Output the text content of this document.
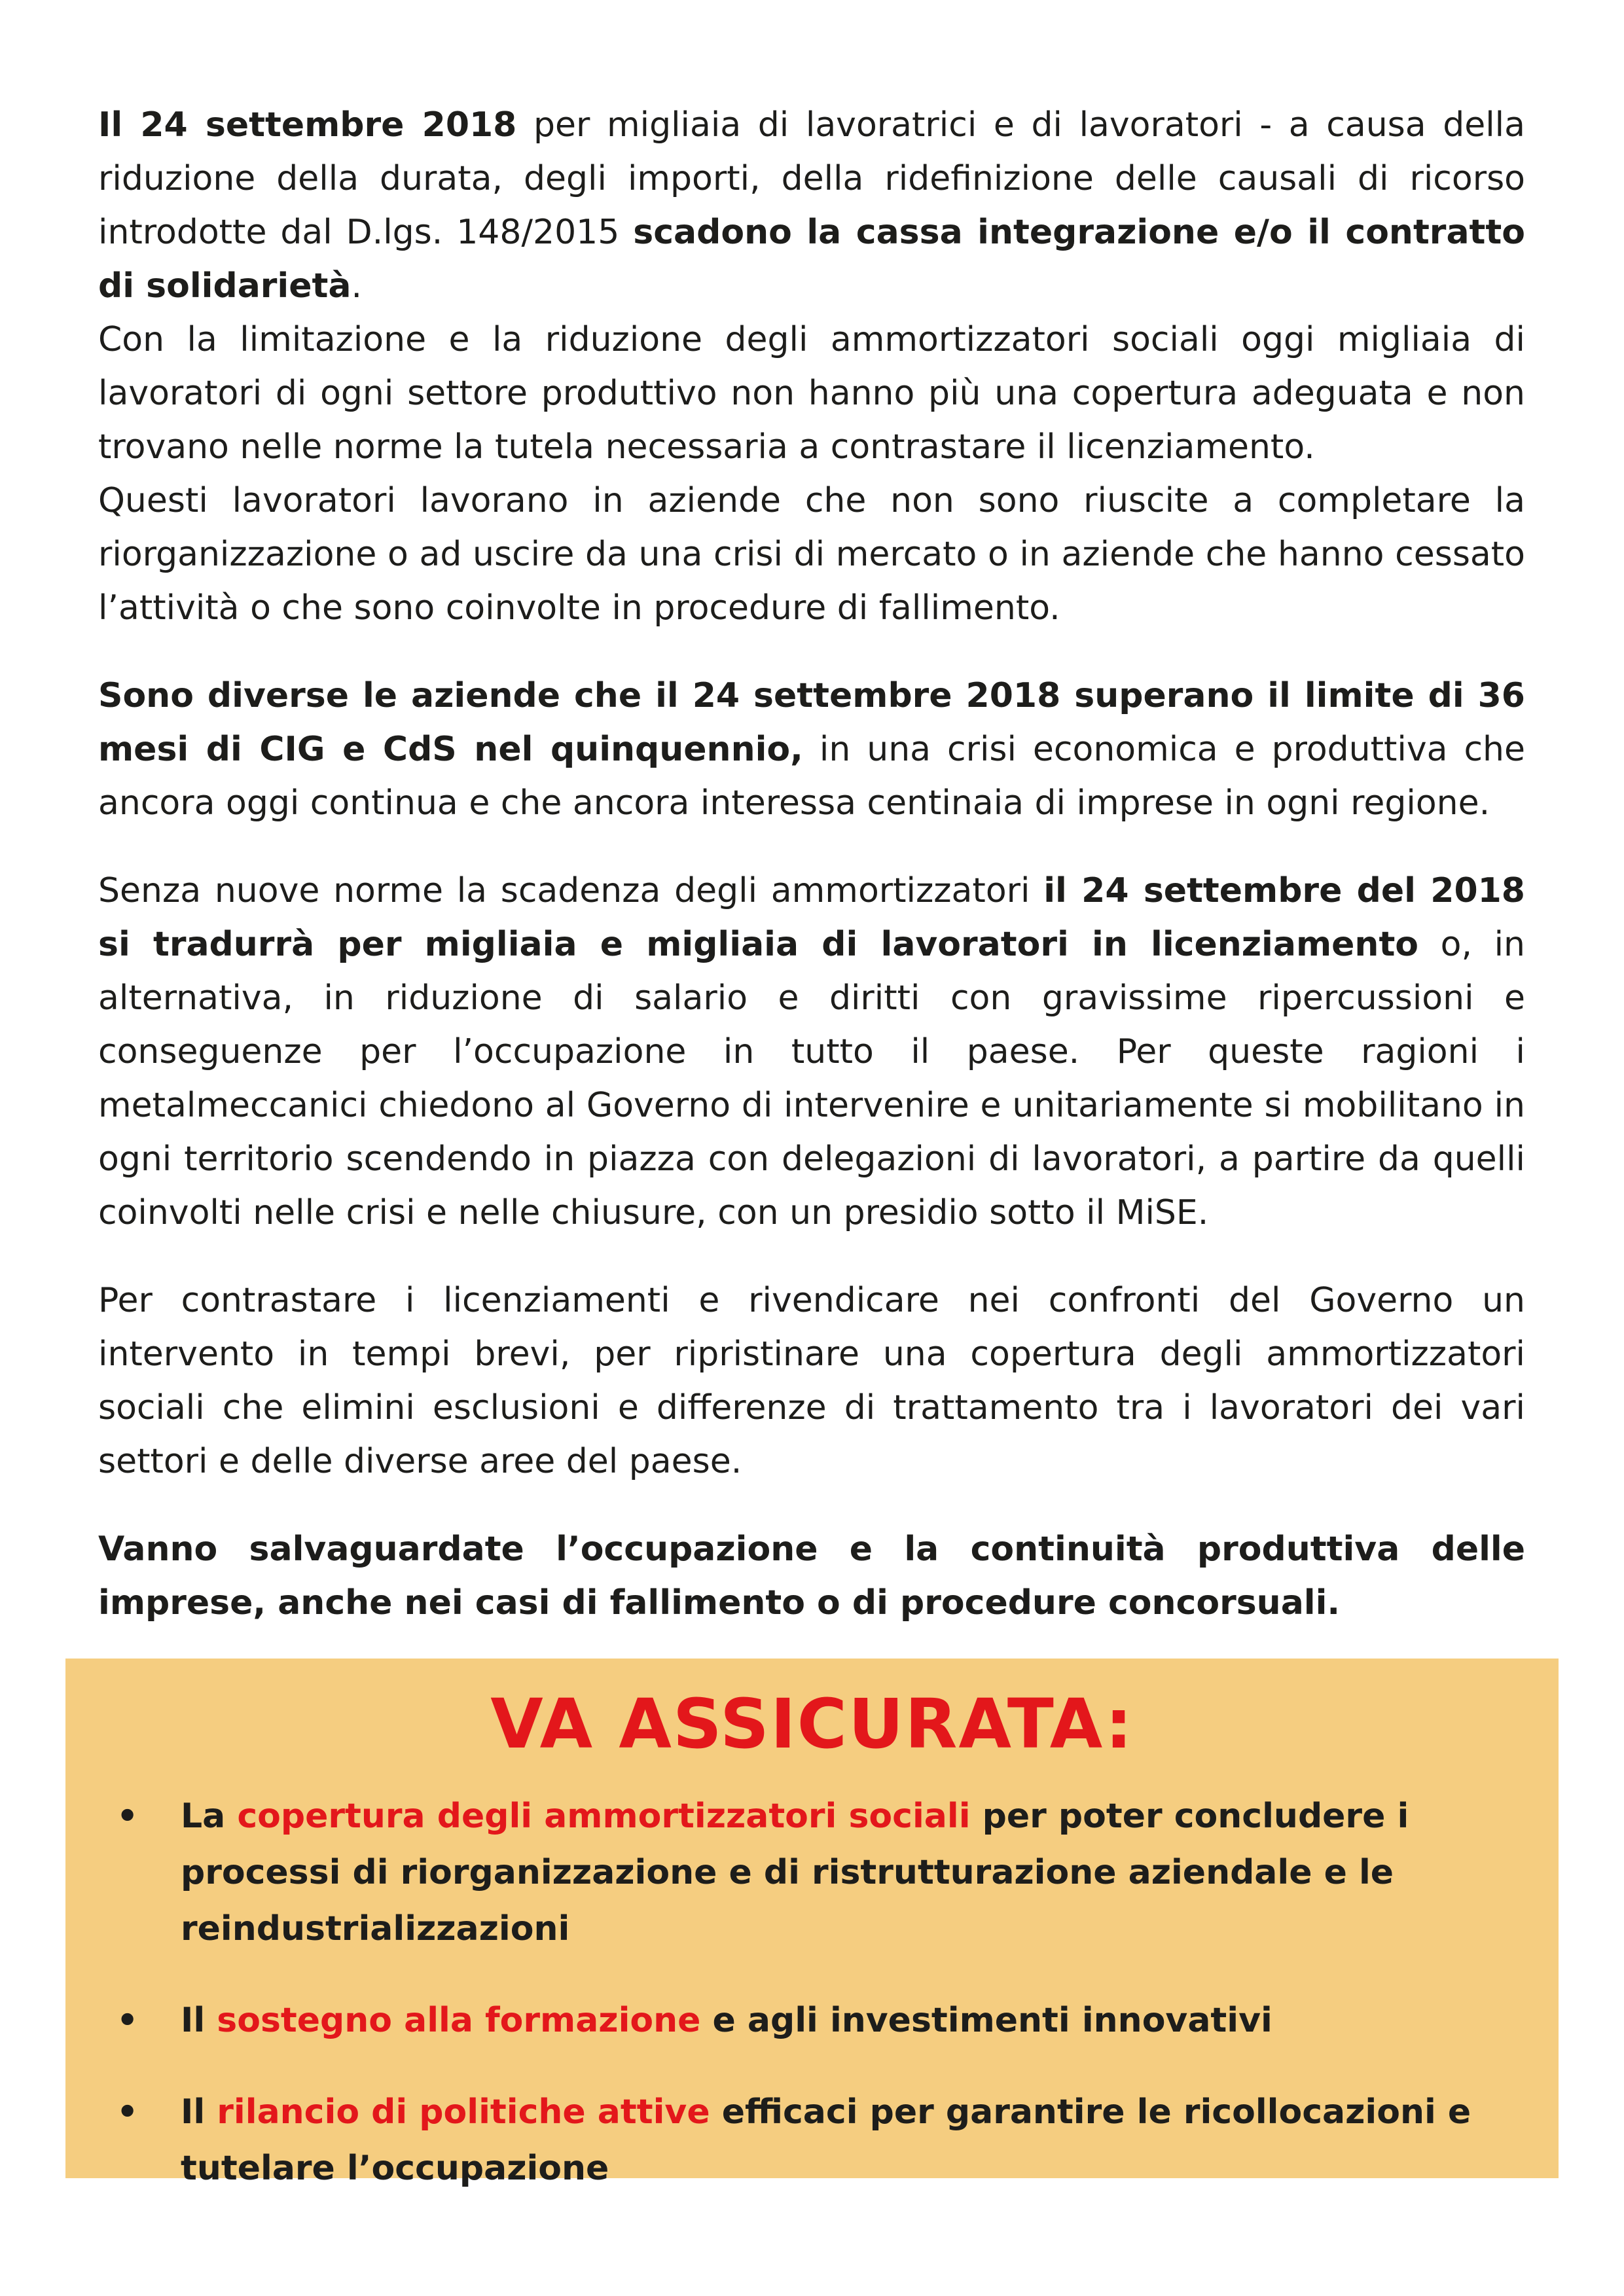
Il 24 settembre 2018 per migliaia di lavoratrici e di lavoratori - a causa della riduzione della durata, degli importi, della ridefinizione delle causali di ricorso introdotte dal D.lgs. 148/2015 scadono la cassa integrazione e/o il contratto di solidarietà.

Con la limitazione e la riduzione degli ammortizzatori sociali oggi migliaia di lavoratori di ogni settore produttivo non hanno più una copertura adeguata e non trovano nelle norme la tutela necessaria a contrastare il licenziamento.

Questi lavoratori lavorano in aziende che non sono riuscite a completare la riorganizzazione o ad uscire da una crisi di mercato o in aziende che hanno cessato l’attività o che sono coinvolte in procedure di fallimento.

Sono diverse le aziende che il 24 settembre 2018 superano il limite di 36 mesi di CIG e CdS nel quinquennio, in una crisi economica e produttiva che ancora oggi continua e che ancora interessa centinaia di imprese in ogni regione.

Senza nuove norme la scadenza degli ammortizzatori il 24 settembre del 2018 si tradurrà per migliaia e migliaia di lavoratori in licenziamento o, in alternativa, in riduzione di salario e diritti con gravissime ripercussioni e conseguenze per l’occupazione in tutto il paese. Per queste ragioni i metalmeccanici chiedono al Governo di intervenire e unitariamente si mobilitano in ogni territorio scendendo in piazza con delegazioni di lavoratori, a partire da quelli coinvolti nelle crisi e nelle chiusure, con un presidio sotto il MiSE.

Per contrastare i licenziamenti e rivendicare nei confronti del Governo un intervento in tempi brevi, per ripristinare una copertura degli ammortizzatori sociali che elimini esclusioni e differenze di trattamento tra i lavoratori dei vari settori e delle diverse aree del paese.

Vanno salvaguardate l’occupazione e la continuità produttiva delle imprese, anche nei casi di fallimento o di procedure concorsuali.

VA ASSICURATA:
• La copertura degli ammortizzatori sociali per poter concludere i processi di riorganizzazione e di ristrutturazione aziendale e le reindustrializzazioni
• Il sostegno alla formazione e agli investimenti innovativi
• Il rilancio di politiche attive efficaci per garantire le ricollocazioni e tutelare l’occupazione
